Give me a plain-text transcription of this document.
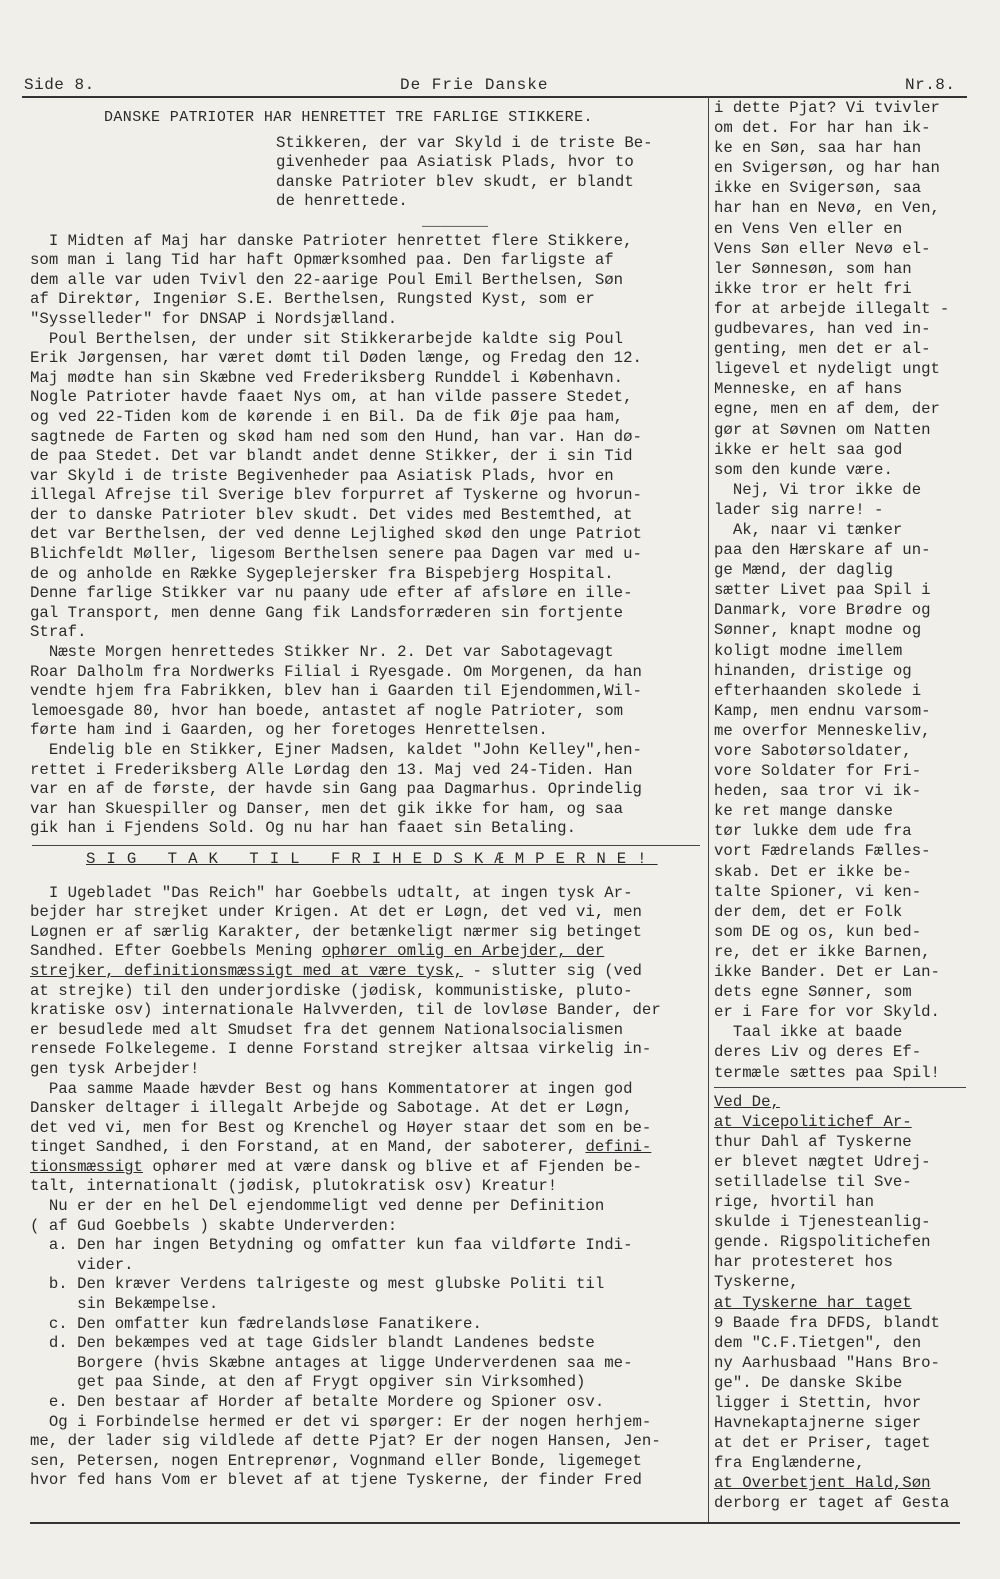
Side 8.	De Frie Danske	Nr.8.
DANSKE PATRIOTER HAR HENRETTET TRE FARLIGE STIKKERE.
Stikkeren, der var Skyld i de triste Be-
givenheder paa Asiatisk Plads, hvor to
danske Patrioter blev skudt, er blandt
de henrettede.
_______
I Midten af Maj har danske Patrioter henrettet flere Stikkere,
som man i lang Tid har haft Opmærksomhed paa. Den farligste af
dem alle var uden Tvivl den 22-aarige Poul Emil Berthelsen, Søn
af Direktør, Ingeniør S.E. Berthelsen, Rungsted Kyst, som er
"Sysselleder" for DNSAP i Nordsjælland.
Poul Berthelsen, der under sit Stikkerarbejde kaldte sig Poul
Erik Jørgensen, har været dømt til Døden længe, og Fredag den 12.
Maj mødte han sin Skæbne ved Frederiksberg Runddel i København.
Nogle Patrioter havde faaet Nys om, at han vilde passere Stedet,
og ved 22-Tiden kom de kørende i en Bil. Da de fik Øje paa ham,
sagtnede de Farten og skød ham ned som den Hund, han var. Han dø-
de paa Stedet. Det var blandt andet denne Stikker, der i sin Tid
var Skyld i de triste Begivenheder paa Asiatisk Plads, hvor en
illegal Afrejse til Sverige blev forpurret af Tyskerne og hvorun-
der to danske Patrioter blev skudt. Det vides med Bestemthed, at
det var Berthelsen, der ved denne Lejlighed skød den unge Patriot
Blichfeldt Møller, ligesom Berthelsen senere paa Dagen var med u-
de og anholde en Række Sygeplejersker fra Bispebjerg Hospital.
Denne farlige Stikker var nu paany ude efter af afsløre en ille-
gal Transport, men denne Gang fik Landsforræderen sin fortjente
Straf.
Næste Morgen henrettedes Stikker Nr. 2. Det var Sabotagevagt
Roar Dalholm fra Nordwerks Filial i Ryesgade. Om Morgenen, da han
vendte hjem fra Fabrikken, blev han i Gaarden til Ejendommen,Wil-
lemoesgade 80, hvor han boede, antastet af nogle Patrioter, som
førte ham ind i Gaarden, og her foretoges Henrettelsen.
Endelig ble en Stikker, Ejner Madsen, kaldet "John Kelley",hen-
rettet i Frederiksberg Alle Lørdag den 13. Maj ved 24-Tiden. Han
var en af de første, der havde sin Gang paa Dagmarhus. Oprindelig
var han Skuespiller og Danser, men det gik ikke for ham, og saa
gik han i Fjendens Sold. Og nu har han faaet sin Betaling.
SIG TAK TIL FRIHEDSKÆMPERNE!
I Ugebladet "Das Reich" har Goebbels udtalt, at ingen tysk Ar-
bejder har strejket under Krigen. At det er Løgn, det ved vi, men
Løgnen er af særlig Karakter, der betænkeligt nærmer sig betinget
Sandhed. Efter Goebbels Mening ophører omlig en Arbejder, der
strejker, definitionsmæssigt med at være tysk, - slutter sig (ved
at strejke) til den underjordiske (jødisk, kommunistiske, pluto-
kratiske osv) internationale Halvverden, til de lovløse Bander, der
er besudlede med alt Smudset fra det gennem Nationalsocialismen
rensede Folkelegeme. I denne Forstand strejker altsaa virkelig in-
gen tysk Arbejder!
Paa samme Maade hævder Best og hans Kommentatorer at ingen god
Dansker deltager i illegalt Arbejde og Sabotage. At det er Løgn,
det ved vi, men for Best og Krenchel og Høyer staar det som en be-
tinget Sandhed, i den Forstand, at en Mand, der saboterer, defini-
tionsmæssigt ophører med at være dansk og blive et af Fjenden be-
talt, internationalt (jødisk, plutokratisk osv) Kreatur!
Nu er der en hel Del ejendommeligt ved denne per Definition
( af Gud Goebbels ) skabte Underverden:
a. Den har ingen Betydning og omfatter kun faa vildførte Indi-
vider.
b. Den kræver Verdens talrigeste og mest glubske Politi til
sin Bekæmpelse.
c. Den omfatter kun fædrelandsløse Fanatikere.
d. Den bekæmpes ved at tage Gidsler blandt Landenes bedste
Borgere (hvis Skæbne antages at ligge Underverdenen saa me-
get paa Sinde, at den af Frygt opgiver sin Virksomhed)
e. Den bestaar af Horder af betalte Mordere og Spioner osv.
Og i Forbindelse hermed er det vi spørger: Er der nogen herhjem-
me, der lader sig vildlede af dette Pjat? Er der nogen Hansen, Jen-
sen, Petersen, nogen Entreprenør, Vognmand eller Bonde, ligemeget
hvor fed hans Vom er blevet af at tjene Tyskerne, der finder Fred
i dette Pjat? Vi tvivler
om det. For har han ik-
ke en Søn, saa har han
en Svigersøn, og har han
ikke en Svigersøn, saa
har han en Nevø, en Ven,
en Vens Ven eller en
Vens Søn eller Nevø el-
ler Sønnesøn, som han
ikke tror er helt fri
for at arbejde illegalt -
gudbevares, han ved in-
genting, men det er al-
ligevel et nydeligt ungt
Menneske, en af hans
egne, men en af dem, der
gør at Søvnen om Natten
ikke er helt saa god
som den kunde være.
Nej, Vi tror ikke de
lader sig narre! -
Ak, naar vi tænker
paa den Hærskare af un-
ge Mænd, der daglig
sætter Livet paa Spil i
Danmark, vore Brødre og
Sønner, knapt modne og
koligt modne imellem
hinanden, dristige og
efterhaanden skolede i
Kamp, men endnu varsom-
me overfor Menneskeliv,
vore Sabotørsoldater,
vore Soldater for Fri-
heden, saa tror vi ik-
ke ret mange danske
tør lukke dem ude fra
vort Fædrelands Fælles-
skab. Det er ikke be-
talte Spioner, vi ken-
der dem, det er Folk
som DE og os, kun bed-
re, det er ikke Barnen,
ikke Bander. Det er Lan-
dets egne Sønner, som
er i Fare for vor Skyld.
Taal ikke at baade
deres Liv og deres Ef-
termæle sættes paa Spil!
Ved De,
at Vicepolitichef Ar-
thur Dahl af Tyskerne
er blevet nægtet Udrej-
setilladelse til Sve-
rige, hvortil han
skulde i Tjenesteanlig-
gende. Rigspolitichefen
har protesteret hos
Tyskerne,
at Tyskerne har taget
9 Baade fra DFDS, blandt
dem "C.F.Tietgen", den
ny Aarhusbaad "Hans Bro-
ge". De danske Skibe
ligger i Stettin, hvor
Havnekaptajnerne siger
at det er Priser, taget
fra Englænderne,
at Overbetjent Hald,Søn
derborg er taget af Gesta
